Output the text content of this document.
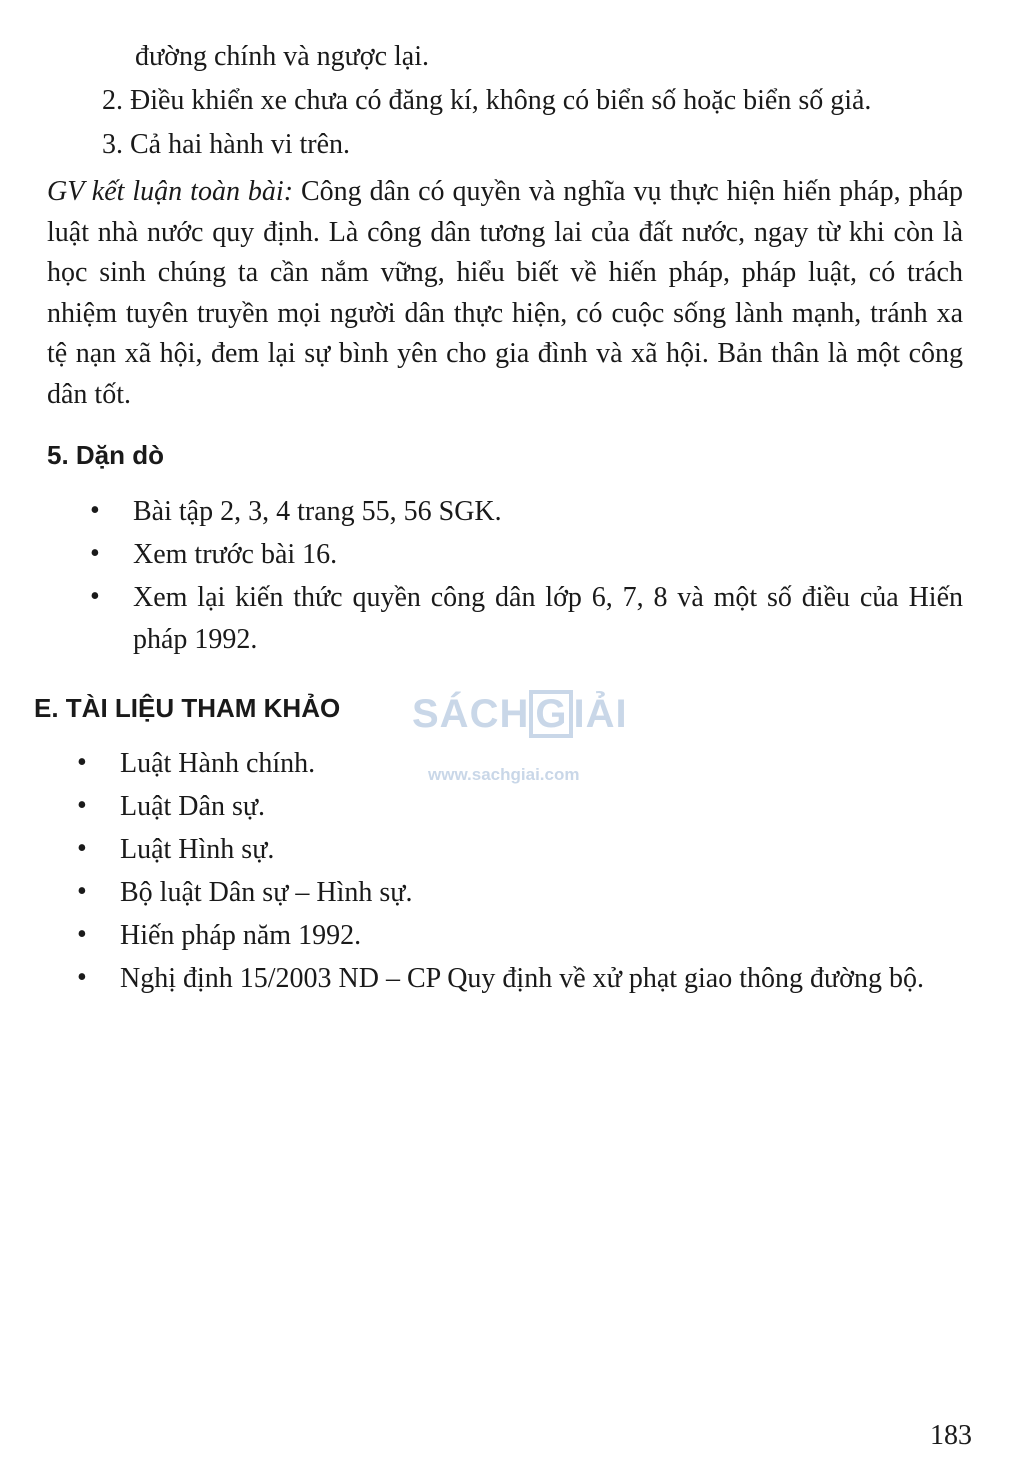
đường chính và ngược lại.
2. Điều khiển xe chưa có đăng kí, không có biển số hoặc biển số giả.
3. Cả hai hành vi trên.
GV kết luận toàn bài: Công dân có quyền và nghĩa vụ thực hiện hiến pháp, pháp luật nhà nước quy định. Là công dân tương lai của đất nước, ngay từ khi còn là học sinh chúng ta cần nắm vững, hiểu biết về hiến pháp, pháp luật, có trách nhiệm tuyên truyền mọi người dân thực hiện, có cuộc sống lành mạnh, tránh xa tệ nạn xã hội, đem lại sự bình yên cho gia đình và xã hội. Bản thân là một công dân tốt.
5. Dặn dò
• Bài tập 2, 3, 4 trang 55, 56 SGK.
• Xem trước bài 16.
• Xem lại kiến thức quyền công dân lớp 6, 7, 8 và một số điều của Hiến pháp 1992.
E. TÀI LIỆU THAM KHẢO SÁCH G IẢI
www.sachgiai.com
• Luật Hành chính.
• Luật Dân sự.
• Luật Hình sự.
• Bộ luật Dân sự – Hình sự.
• Hiến pháp năm 1992.
• Nghị định 15/2003 ND – CP Quy định về xử phạt giao thông đường bộ.
183
